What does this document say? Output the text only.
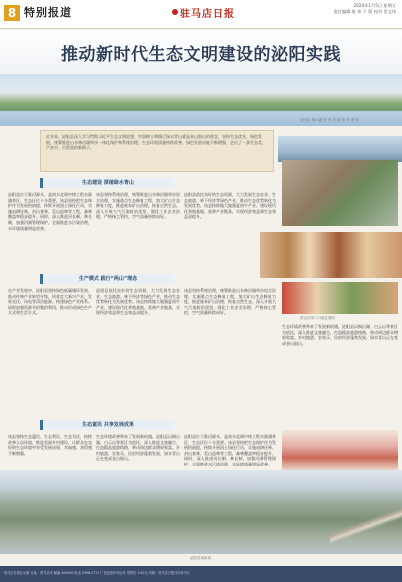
8 特别报道	驻马店日报
2024年1月5日 星期五
责任编辑 班 伟 下 版 校对 蔡文伟
推动新时代生态文明建设的泌阳实践
泌阳县 铜山湖 夏 雨 后 摄 影 李 明 伟
近年来，泌阳县深入学习贯彻习近平生态文明思想，牢固树立和践行绿水青山就是金山银山的理念，坚持生态优先、绿色发展，统筹推进山水林田湖草沙一体化保护和系统治理，生态环境质量持续改善，绿色发展动能不断增强，走出了一条生态美、产业兴、百姓富的新路子。
生态建设 厚植绿水青山
泌阳县位于淮河源头，是南水北调中线工程水源涵养区，生态区位十分重要。该县坚持把生态保护作为发展的前提，持续开展国土绿化行动，实施退耕还林、封山育林、荒山造林等工程，森林覆盖率稳步提升。同时，深入推进河长制、林长制，加强河湖管理保护，全面推进水污染治理，水环境质量明显改善。
该县坚持系统治理，统筹推进山水林田湖草沙综合治理，实施重点生态修复工程，加大矿山生态修复力度，推进废弃矿山治理，恢复自然生态。深入开展大气污染防治攻坚，强化工业企业治理，严格扬尘管控，空气质量持续向好。
泌阳县依托良好的生态资源，大力发展生态农业、生态旅游、林下经济等绿色产业，推动生态优势转化为发展优势。该县持续做大做强夏南牛产业，建设现代化养殖基地，延伸产业链条，实现经济效益和生态效益双提升。
群众在家门口就业增收
生产模式 践行“两山”理念
在产业发展中，泌阳县坚持绿色低碳循环发展，推动传统产业转型升级，培育壮大新兴产业，发展光伏、风电等清洁能源，构建绿色产业体系。同时加强资源节约集约利用，推动形成绿色生产方式和生活方式。
泌阳县依托良好的生态资源，大力发展生态农业、生态旅游、林下经济等绿色产业，推动生态优势转化为发展优势。该县持续做大做强夏南牛产业，建设现代化养殖基地，延伸产业链条，实现经济效益和生态效益双提升。
该县坚持系统治理，统筹推进山水林田湖草沙综合治理，实施重点生态修复工程，加大矿山生态修复力度，推进废弃矿山治理，恢复自然生态。深入开展大气污染防治攻坚，强化工业企业治理，严格扬尘管控，空气质量持续向好。
生态环境改善带来了发展新机遇。泌阳县以铜山湖、白云山等景区为依托，深入推进文旅融合，打造精品旅游线路，带动周边群众增收致富。乡村旅游、农家乐、民宿经济蓬勃发展，绿水青山正在变成金山银山。
生态富民 共享发展成果
该县坚持生态惠民、生态利民、生态为民，持续改善人居环境，推进美丽乡村建设，让群众在良好的生态环境中享受发展成果，幸福感、获得感不断增强。
生态环境改善带来了发展新机遇。泌阳县以铜山湖、白云山等景区为依托，深入推进文旅融合，打造精品旅游线路，带动周边群众增收致富。乡村旅游、农家乐、民宿经济蓬勃发展，绿水青山正在变成金山银山。
泌阳县位于淮河源头，是南水北调中线工程水源涵养区，生态区位十分重要。该县坚持把生态保护作为发展的前提，持续开展国土绿化行动，实施退耕还林、封山育林、荒山造林等工程，森林覆盖率稳步提升。同时，深入推进河长制、林长制，加强河湖管理保护，全面推进水污染治理，水环境质量明显改善。
泌阳县城新貌
驻马店日报社出版 社址：驻马店市 邮编 463000 电话 0396-2717 广告经营许可证号 零售价 1.00元 印刷：驻马店日报社印务中心
